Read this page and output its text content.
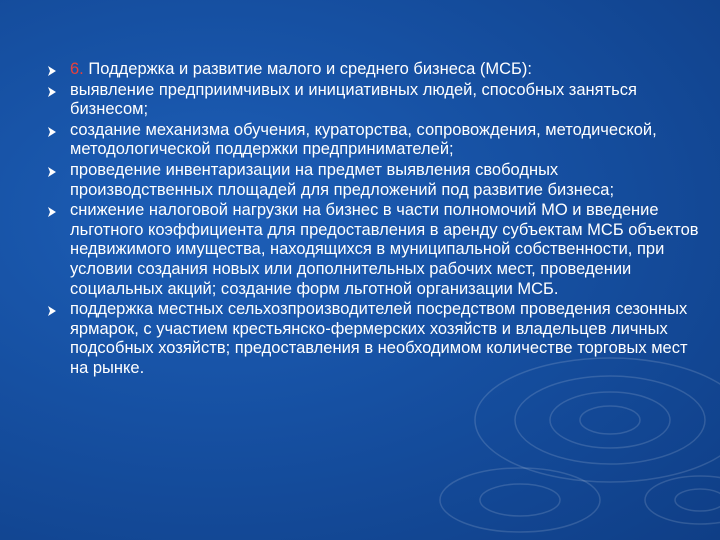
6. Поддержка и развитие малого и среднего бизнеса (МСБ):
выявление предприимчивых и инициативных людей, способных заняться бизнесом;
создание механизма обучения, кураторства, сопровождения, методической, методологической поддержки предпринимателей;
проведение инвентаризации на предмет выявления свободных производственных площадей для предложений под развитие бизнеса;
снижение налоговой нагрузки на бизнес в части полномочий МО и введение льготного коэффициента для предоставления в аренду субъектам МСБ объектов недвижимого имущества, находящихся в муниципальной собственности, при условии создания новых или дополнительных рабочих мест, проведении социальных акций; создание форм льготной организации МСБ.
поддержка местных сельхозпроизводителей посредством проведения сезонных ярмарок, с участием крестьянско-фермерских хозяйств и владельцев личных подсобных хозяйств; предоставления в необходимом количестве торговых мест на рынке.
